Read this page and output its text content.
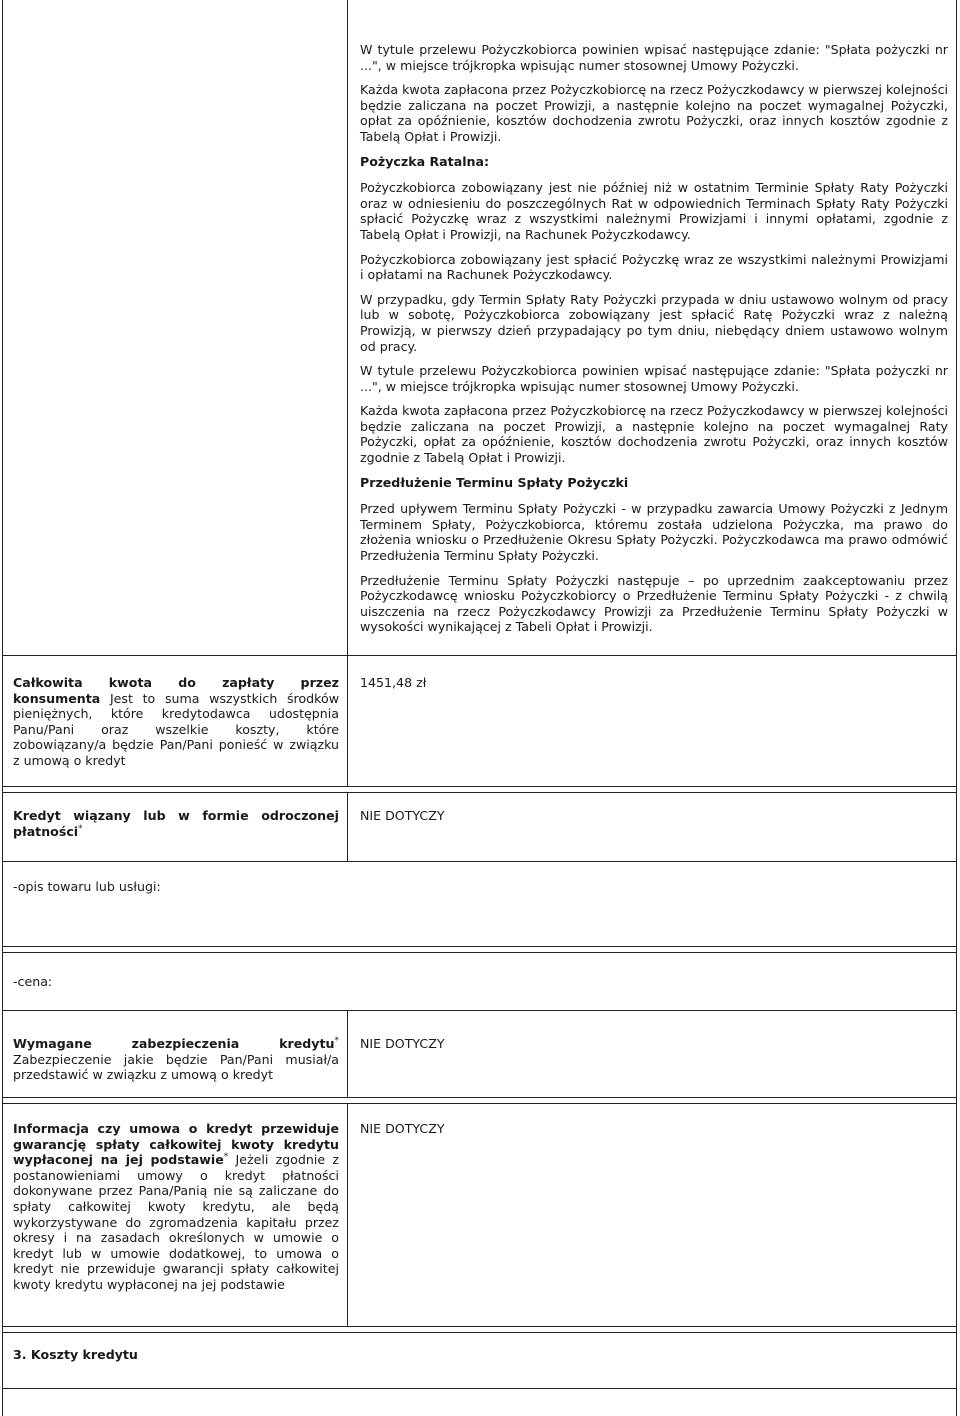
W tytule przelewu Pożyczkobiorca powinien wpisać następujące zdanie: "Spłata pożyczki nr ...", w miejsce trójkropka wpisując numer stosownej Umowy Pożyczki.

Każda kwota zapłacona przez Pożyczkobiorcę na rzecz Pożyczkodawcy w pierwszej kolejności będzie zaliczana na poczet Prowizji, a następnie kolejno na poczet wymagalnej Pożyczki, opłat za opóźnienie, kosztów dochodzenia zwrotu Pożyczki, oraz innych kosztów zgodnie z Tabelą Opłat i Prowizji.

Pożyczka Ratalna:

Pożyczkobiorca zobowiązany jest nie później niż w ostatnim Terminie Spłaty Raty Pożyczki oraz w odniesieniu do poszczególnych Rat w odpowiednich Terminach Spłaty Raty Pożyczki spłacić Pożyczkę wraz z wszystkimi należnymi Prowizjami i innymi opłatami, zgodnie z Tabelą Opłat i Prowizji, na Rachunek Pożyczkodawcy.

Pożyczkobiorca zobowiązany jest spłacić Pożyczkę wraz ze wszystkimi należnymi Prowizjami i opłatami na Rachunek Pożyczkodawcy.

W przypadku, gdy Termin Spłaty Raty Pożyczki przypada w dniu ustawowo wolnym od pracy lub w sobotę, Pożyczkobiorca zobowiązany jest spłacić Ratę Pożyczki wraz z należną Prowizją, w pierwszy dzień przypadający po tym dniu, niebędący dniem ustawowo wolnym od pracy.

W tytule przelewu Pożyczkobiorca powinien wpisać następujące zdanie: "Spłata pożyczki nr ...", w miejsce trójkropka wpisując numer stosownej Umowy Pożyczki.

Każda kwota zapłacona przez Pożyczkobiorcę na rzecz Pożyczkodawcy w pierwszej kolejności będzie zaliczana na poczet Prowizji, a następnie kolejno na poczet wymagalnej Raty Pożyczki, opłat za opóźnienie, kosztów dochodzenia zwrotu Pożyczki, oraz innych kosztów zgodnie z Tabelą Opłat i Prowizji.

Przedłużenie Terminu Spłaty Pożyczki

Przed upływem Terminu Spłaty Pożyczki - w przypadku zawarcia Umowy Pożyczki z Jednym Terminem Spłaty, Pożyczkobiorca, któremu została udzielona Pożyczka, ma prawo do złożenia wniosku o Przedłużenie Okresu Spłaty Pożyczki. Pożyczkodawca ma prawo odmówić Przedłużenia Terminu Spłaty Pożyczki.

Przedłużenie Terminu Spłaty Pożyczki następuje – po uprzednim zaakceptowaniu przez Pożyczkodawcę wniosku Pożyczkobiorcy o Przedłużenie Terminu Spłaty Pożyczki - z chwilą uiszczenia na rzecz Pożyczkodawcy Prowizji za Przedłużenie Terminu Spłaty Pożyczki w wysokości wynikającej z Tabeli Opłat i Prowizji.

Całkowita kwota do zapłaty przez konsumenta Jest to suma wszystkich środków pieniężnych, które kredytodawca udostępnia Panu/Pani oraz wszelkie koszty, które zobowiązany/a będzie Pan/Pani ponieść w związku z umową o kredyt
1451,48 zł
Kredyt wiązany lub w formie odroczonej płatności*
NIE DOTYCZY
-opis towaru lub usługi:
-cena:
Wymagane zabezpieczenia kredytu*
Zabezpieczenie jakie będzie Pan/Pani musiał/a przedstawić w związku z umową o kredyt
NIE DOTYCZY
Informacja czy umowa o kredyt przewiduje gwarancję spłaty całkowitej kwoty kredytu wypłaconej na jej podstawie* Jeżeli zgodnie z postanowieniami umowy o kredyt płatności dokonywane przez Pana/Panią nie są zaliczane do spłaty całkowitej kwoty kredytu, ale będą wykorzystywane do zgromadzenia kapitału przez okresy i na zasadach określonych w umowie o kredyt lub w umowie dodatkowej, to umowa o kredyt nie przewiduje gwarancji spłaty całkowitej kwoty kredytu wypłaconej na jej podstawie
NIE DOTYCZY
3. Koszty kredytu
